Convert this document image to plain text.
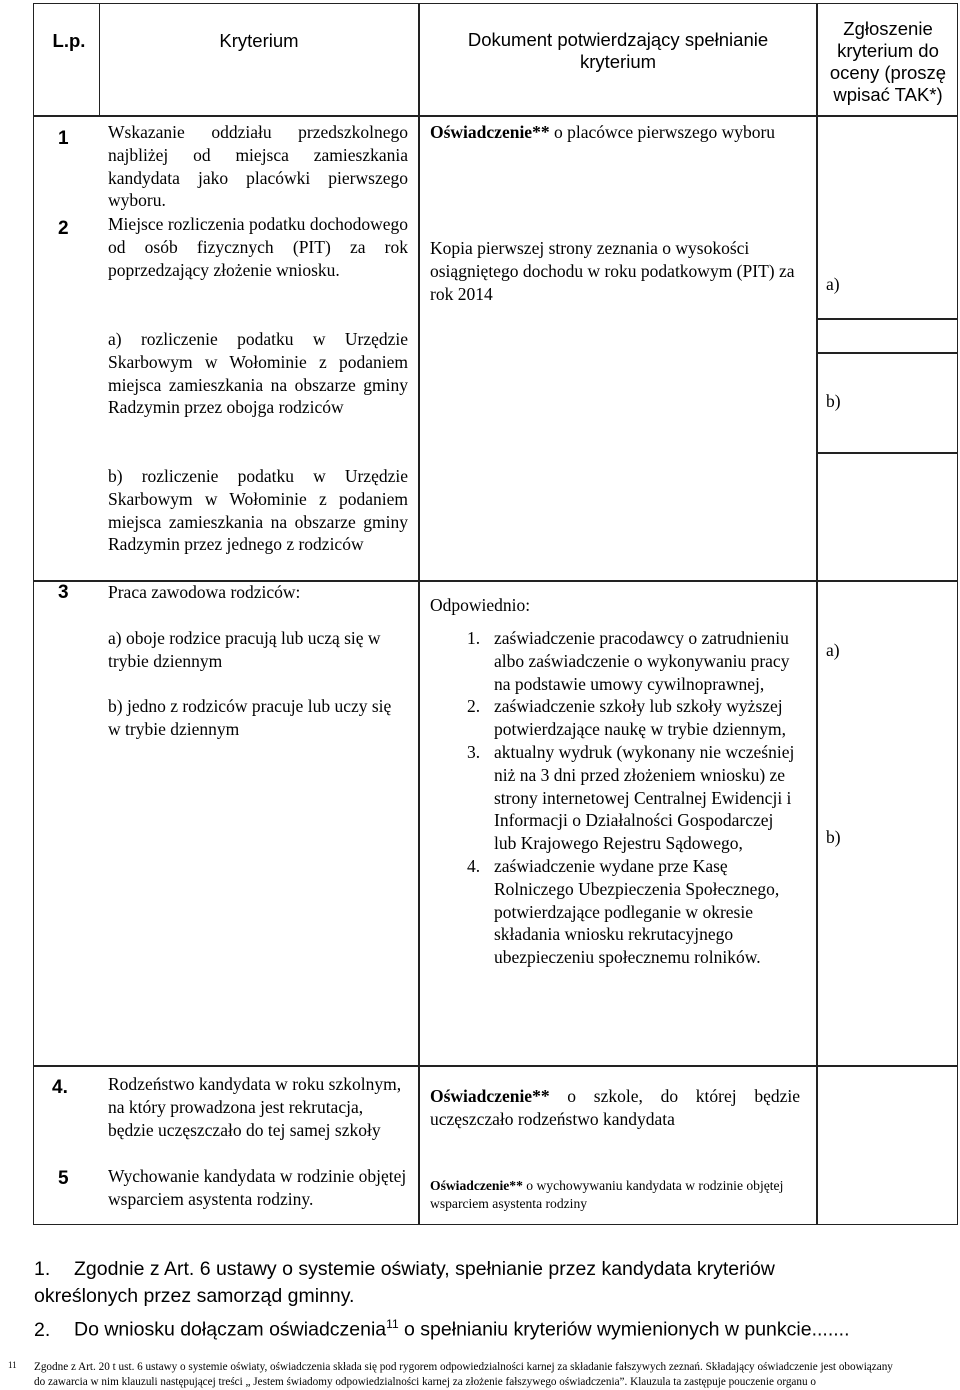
L.p.	Kryterium	Dokument potwierdzający spełnianie kryterium
Zgłoszenie kryterium do oceny (proszę wpisać TAK*)
1 Wskazanie oddziału przedszkolnego najbliżej od miejsca zamieszkania kandydata jako placówki pierwszego wyboru.
Oświadczenie** o placówce pierwszego wyboru
2 Miejsce rozliczenia podatku dochodowego od osób fizycznych (PIT) za rok poprzedzający złożenie wniosku.
Kopia pierwszej strony zeznania o wysokości osiągniętego dochodu w roku podatkowym (PIT) za rok 2014
a) rozliczenie podatku w Urzędzie Skarbowym w Wołominie z podaniem miejsca zamieszkania na obszarze gminy Radzymin przez obojga rodziców
b) rozliczenie podatku w Urzędzie Skarbowym w Wołominie z podaniem miejsca zamieszkania na obszarze gminy Radzymin przez jednego z rodziców
a)
b)
3 Praca zawodowa rodziców:
a) oboje rodzice pracują lub uczą się w trybie dziennym
b) jedno z rodziców pracuje lub uczy się w trybie dziennym
Odpowiednio:
1. zaświadczenie pracodawcy o zatrudnieniu albo zaświadczenie o wykonywaniu pracy na podstawie umowy cywilnoprawnej,
2. zaświadczenie szkoły lub szkoły wyższej potwierdzające naukę w trybie dziennym,
3. aktualny wydruk (wykonany nie wcześniej niż na 3 dni przed złożeniem wniosku) ze strony internetowej Centralnej Ewidencji i Informacji o Działalności Gospodarczej lub Krajowego Rejestru Sądowego,
4. zaświadczenie wydane prze Kasę Rolniczego Ubezpieczenia Społecznego, potwierdzające podleganie w okresie składania wniosku rekrutacyjnego ubezpieczeniu społecznemu rolników.
a)
b)
4. Rodzeństwo kandydata w roku szkolnym, na który prowadzona jest rekrutacja, będzie uczęszczało do tej samej szkoły
Oświadczenie** o szkole, do której będzie uczęszczało rodzeństwo kandydata
5 Wychowanie kandydata w rodzinie objętej wsparciem asystenta rodziny.
Oświadczenie** o wychowywaniu kandydata w rodzinie objętej wsparciem asystenta rodziny
1. Zgodnie z Art. 6 ustawy o systemie oświaty, spełnianie przez kandydata kryteriów określonych przez samorząd gminny.
2. Do wniosku dołączam oświadczenia$^{11}$ o spełnianiu kryteriów wymienionych w punkcie.......
11 Zgodne z Art. 20 t ust. 6 ustawy o systemie oświaty, oświadczenia składa się pod rygorem odpowiedzialności karnej za składanie fałszywych zeznań. Składający oświadczenie jest obowiązany
do zawarcia w nim klauzuli następującej treści „ Jestem świadomy odpowiedzialności karnej za złożenie fałszywego oświadczenia”. Klauzula ta zastępuje pouczenie organu o
